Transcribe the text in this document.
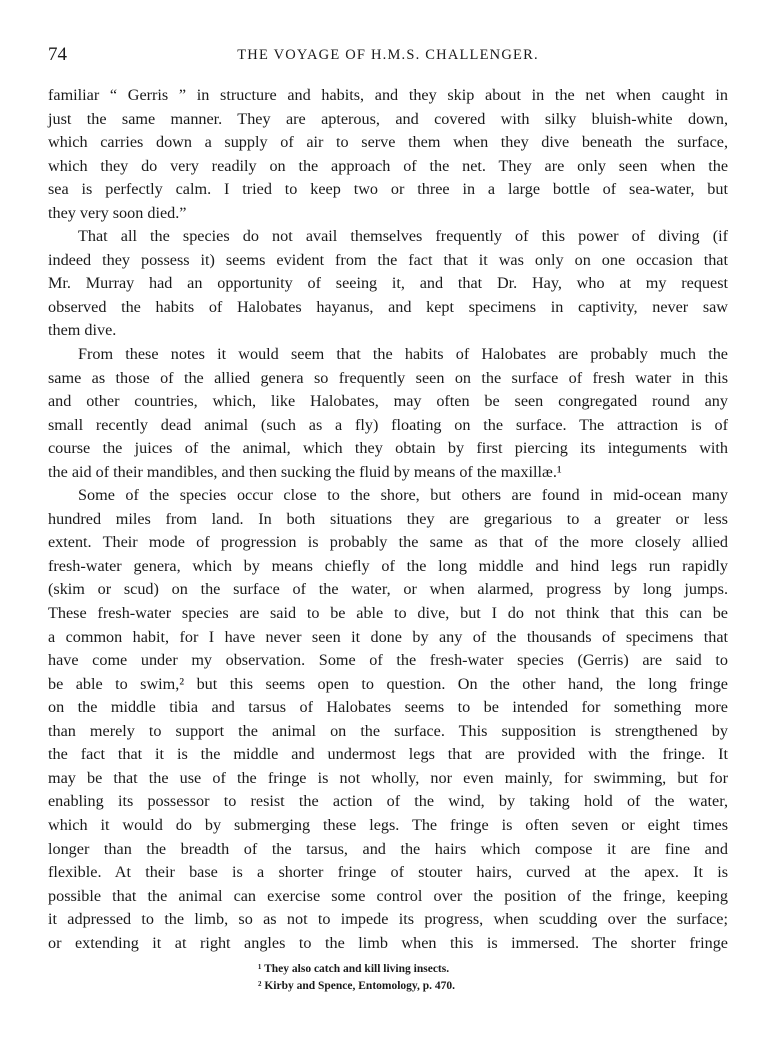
74	THE VOYAGE OF H.M.S. CHALLENGER.
familiar “ Gerris ” in structure and habits, and they skip about in the net when caught in
just the same manner. They are apterous, and covered with silky bluish-white down,
which carries down a supply of air to serve them when they dive beneath the surface,
which they do very readily on the approach of the net. They are only seen when the
sea is perfectly calm. I tried to keep two or three in a large bottle of sea-water, but
they very soon died.”
That all the species do not avail themselves frequently of this power of diving (if
indeed they possess it) seems evident from the fact that it was only on one occasion that
Mr. Murray had an opportunity of seeing it, and that Dr. Hay, who at my request
observed the habits of Halobates hayanus, and kept specimens in captivity, never saw
them dive.
From these notes it would seem that the habits of Halobates are probably much the
same as those of the allied genera so frequently seen on the surface of fresh water in this
and other countries, which, like Halobates, may often be seen congregated round any
small recently dead animal (such as a fly) floating on the surface. The attraction is of
course the juices of the animal, which they obtain by first piercing its integuments with
the aid of their mandibles, and then sucking the fluid by means of the maxillæ.¹
Some of the species occur close to the shore, but others are found in mid-ocean many
hundred miles from land. In both situations they are gregarious to a greater or less
extent. Their mode of progression is probably the same as that of the more closely allied
fresh-water genera, which by means chiefly of the long middle and hind legs run rapidly
(skim or scud) on the surface of the water, or when alarmed, progress by long jumps.
These fresh-water species are said to be able to dive, but I do not think that this can be
a common habit, for I have never seen it done by any of the thousands of specimens that
have come under my observation. Some of the fresh-water species (Gerris) are said to
be able to swim,² but this seems open to question. On the other hand, the long fringe
on the middle tibia and tarsus of Halobates seems to be intended for something more
than merely to support the animal on the surface. This supposition is strengthened by
the fact that it is the middle and undermost legs that are provided with the fringe. It
may be that the use of the fringe is not wholly, nor even mainly, for swimming, but for
enabling its possessor to resist the action of the wind, by taking hold of the water,
which it would do by submerging these legs. The fringe is often seven or eight times
longer than the breadth of the tarsus, and the hairs which compose it are fine and
flexible. At their base is a shorter fringe of stouter hairs, curved at the apex. It is
possible that the animal can exercise some control over the position of the fringe, keeping
it adpressed to the limb, so as not to impede its progress, when scudding over the surface;
or extending it at right angles to the limb when this is immersed. The shorter fringe
¹ They also catch and kill living insects.
² Kirby and Spence, Entomology, p. 470.
